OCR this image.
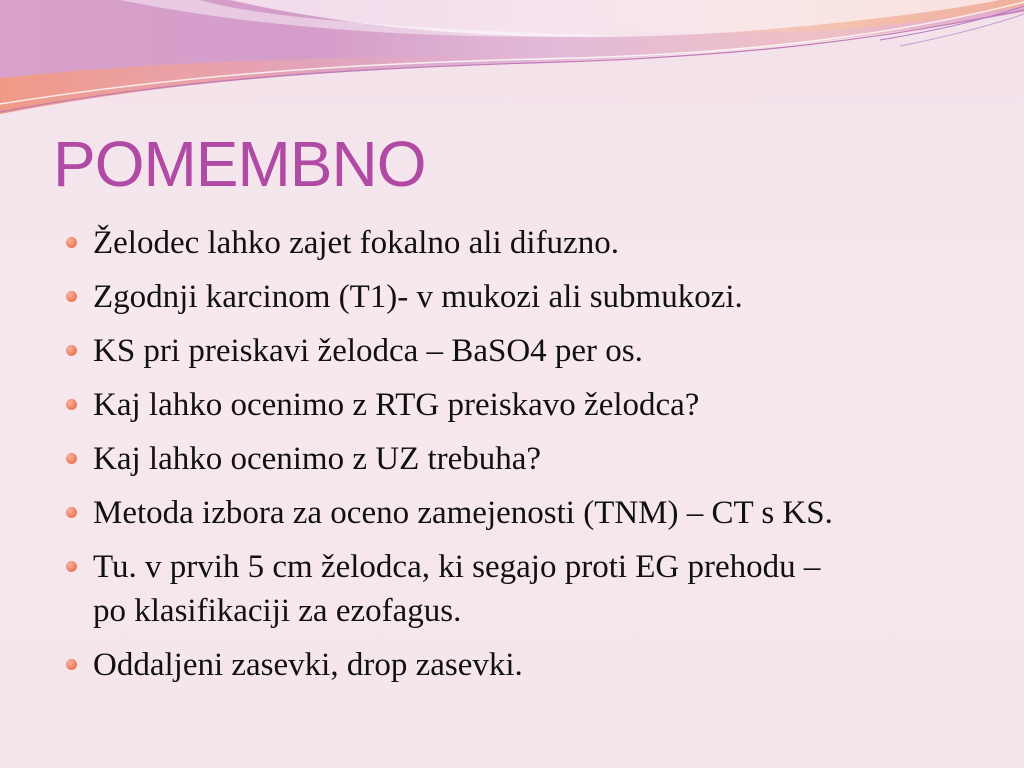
POMEMBNO
Želodec lahko zajet fokalno ali difuzno.
Zgodnji karcinom (T1)- v mukozi ali submukozi.
KS pri preiskavi želodca – BaSO4 per os.
Kaj lahko ocenimo z RTG preiskavo želodca?
Kaj lahko ocenimo z UZ trebuha?
Metoda izbora za oceno zamejenosti (TNM) – CT s KS.
Tu. v prvih 5 cm želodca, ki segajo proti EG prehodu –
po klasifikaciji za ezofagus.
Oddaljeni zasevki, drop zasevki.
